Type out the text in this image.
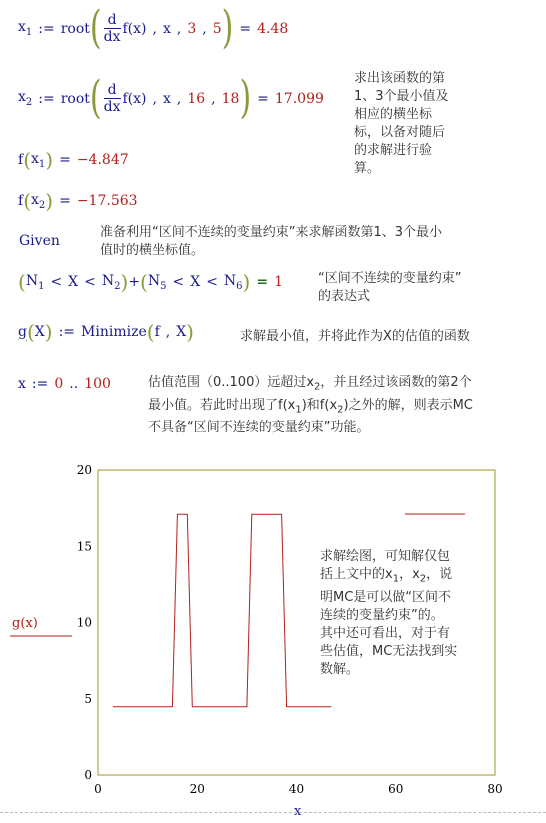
$x_1$ := root ( $\frac{d}{dx} f(x)$ , x , 3 , 5 ) = 4.48
$x_2$ := root ( $\frac{d}{dx} f(x)$ , x , 16 , 18 ) = 17.099
求出该函数的第
1、3个最小值及
相应的横坐标
标，以备对随后
的求解进行验
算。
f ( $x_1$ ) = −4.847
f ( $x_2$ ) = −17.563
Given
准备利用“区间不连续的变量约束”来求解函数第1、3个最小
值时的横坐标值。
( $N_1 < X < N_2$ ) + ( $N_5 < X < N_6$ ) = 1	“区间不连续的变量约束”
的表达式
g ( X ) := Minimize ( f , X )	求解最小值，并将此作为X的估值的函数
x := 0 .. 100	估值范围（0..100）远超过$x_2$，并且经过该函数的第2个
最小值。若此时出现了$f(x_1)$和$f(x_2)$之外的解，则表示MC
不具备“区间不连续的变量约束”功能。
0
5
10
15
20
0	20	40	60	80
g(x)
x
求解绘图，可知解仅包
括上文中的$x_1$，$x_2$，说
明MC是可以做“区间不
连续的变量约束”的。
其中还可看出，对于有
些估值，MC无法找到实
数解。
